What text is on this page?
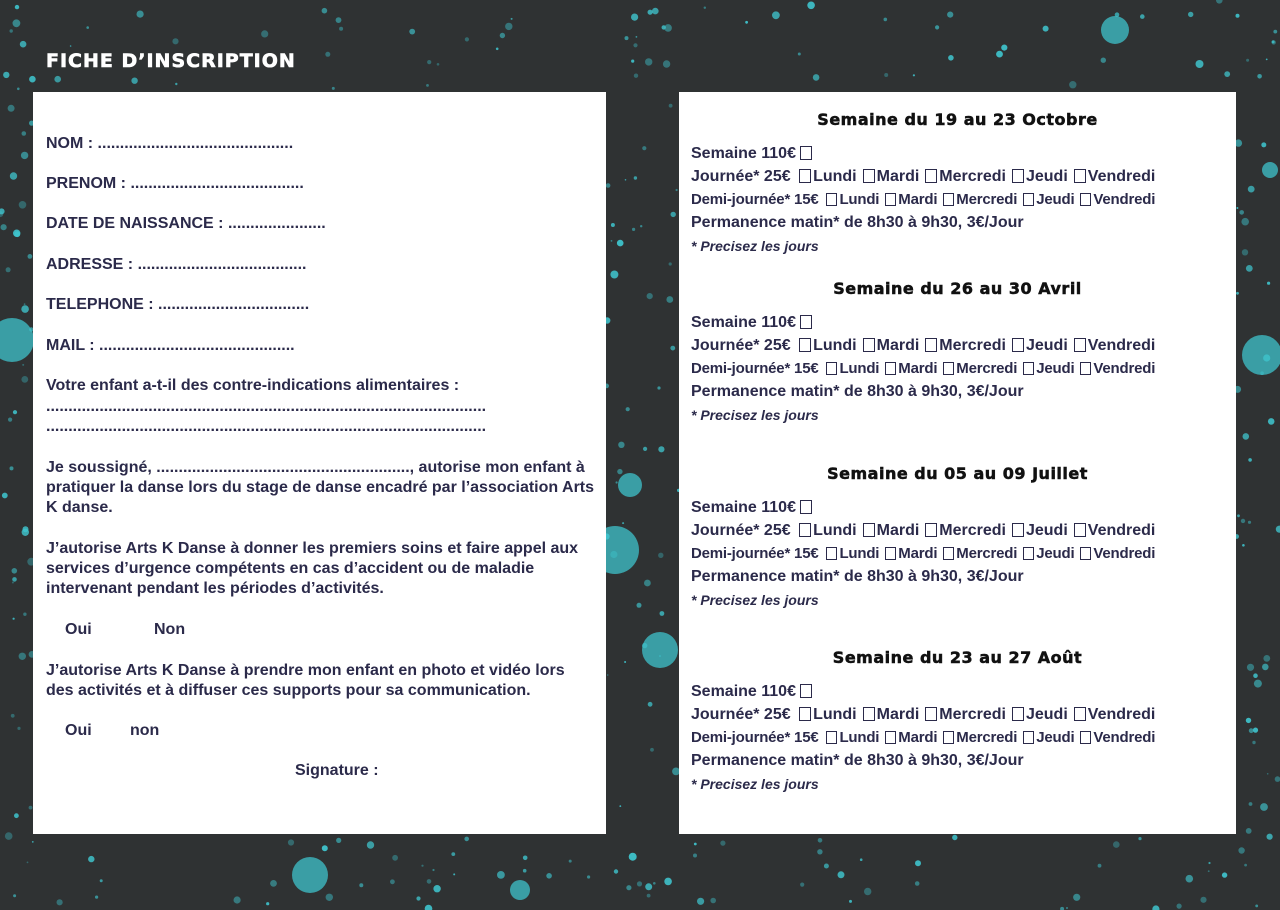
FICHE D’INSCRIPTION
NOM : ............................................
PRENOM : .......................................
DATE DE NAISSANCE : ......................
ADRESSE : ......................................
TELEPHONE : ..................................
MAIL : ............................................
Votre enfant a-t-il des contre-indications alimentaires :
...................................................................................................
...................................................................................................
Je soussigné, ........................................................., autorise mon enfant à pratiquer la danse lors du stage de danse encadré par l’association Arts K danse.
J’autorise Arts K Danse à donner les premiers soins et faire appel aux services d’urgence compétents en cas d’accident ou de maladie intervenant pendant les périodes d’activités.
Oui	Non
J’autorise Arts K Danse à prendre mon enfant en photo et vidéo lors des activités et à diffuser ces supports pour sa communication.
Oui non
Signature :
Semaine du 19 au 23 Octobre
Semaine 110€
Journée* 25€ Lundi Mardi Mercredi Jeudi Vendredi
Demi-journée* 15€ Lundi Mardi Mercredi Jeudi Vendredi
Permanence matin* de 8h30 à 9h30, 3€/Jour
* Precisez les jours
Semaine du 26 au 30 Avril
Semaine 110€
Journée* 25€ Lundi Mardi Mercredi Jeudi Vendredi
Demi-journée* 15€ Lundi Mardi Mercredi Jeudi Vendredi
Permanence matin* de 8h30 à 9h30, 3€/Jour
* Precisez les jours
Semaine du 05 au 09 Juillet
Semaine 110€
Journée* 25€ Lundi Mardi Mercredi Jeudi Vendredi
Demi-journée* 15€ Lundi Mardi Mercredi Jeudi Vendredi
Permanence matin* de 8h30 à 9h30, 3€/Jour
* Precisez les jours
Semaine du 23 au 27 Août
Semaine 110€
Journée* 25€ Lundi Mardi Mercredi Jeudi Vendredi
Demi-journée* 15€ Lundi Mardi Mercredi Jeudi Vendredi
Permanence matin* de 8h30 à 9h30, 3€/Jour
* Precisez les jours
